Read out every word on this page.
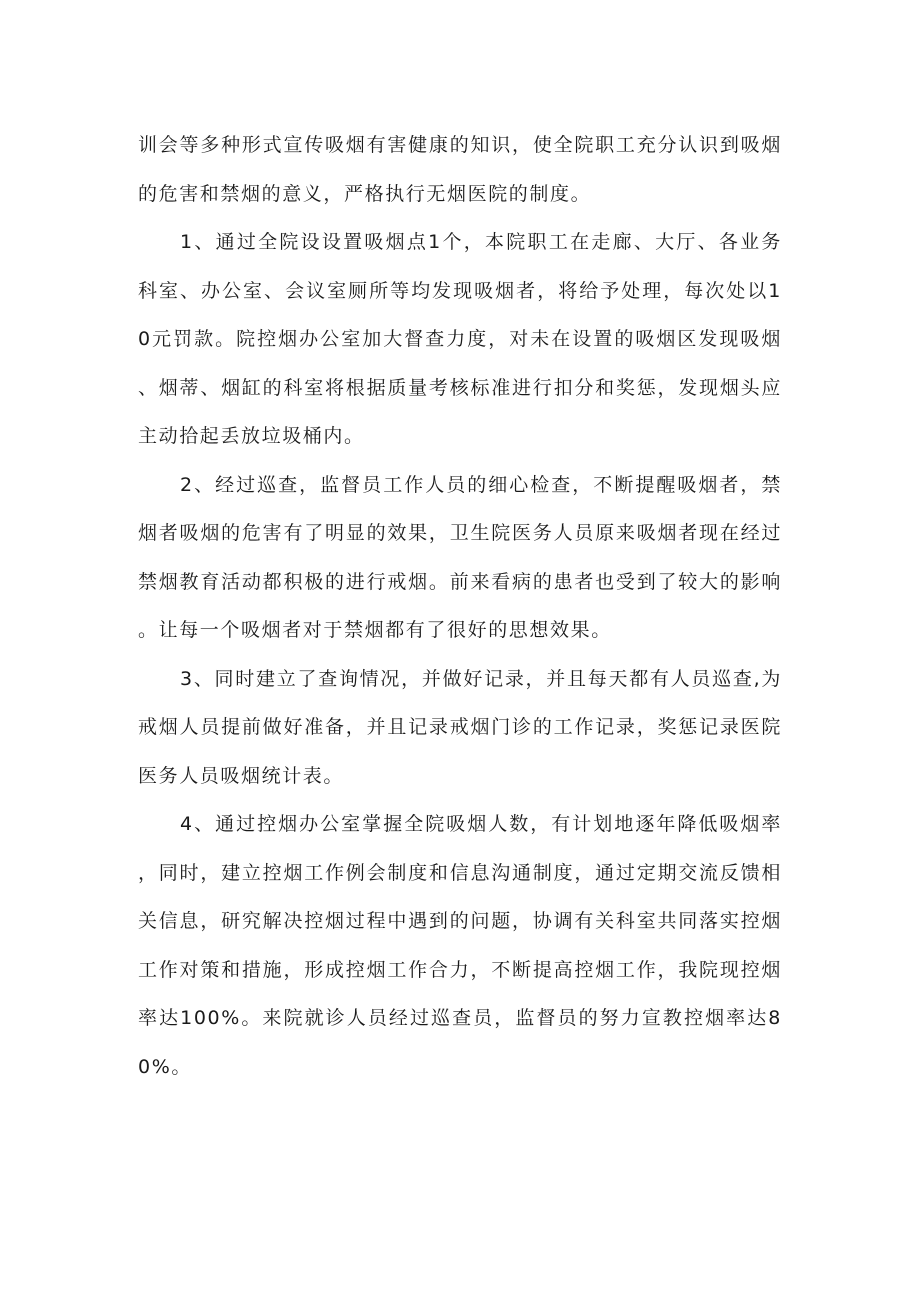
训会等多种形式宣传吸烟有害健康的知识，使全院职工充分认识到吸烟的危害和禁烟的意义，严格执行无烟医院的制度。

1、通过全院设设置吸烟点1个，本院职工在走廊、大厅、各业务科室、办公室、会议室厕所等均发现吸烟者，将给予处理，每次处以10元罚款。院控烟办公室加大督查力度，对未在设置的吸烟区发现吸烟、烟蒂、烟缸的科室将根据质量考核标准进行扣分和奖惩，发现烟头应主动拾起丢放垃圾桶内。

2、经过巡查，监督员工作人员的细心检查，不断提醒吸烟者，禁烟者吸烟的危害有了明显的效果，卫生院医务人员原来吸烟者现在经过禁烟教育活动都积极的进行戒烟。前来看病的患者也受到了较大的影响。让每一个吸烟者对于禁烟都有了很好的思想效果。

3、同时建立了查询情况，并做好记录，并且每天都有人员巡查,为戒烟人员提前做好准备，并且记录戒烟门诊的工作记录，奖惩记录医院医务人员吸烟统计表。

4、通过控烟办公室掌握全院吸烟人数，有计划地逐年降低吸烟率，同时，建立控烟工作例会制度和信息沟通制度，通过定期交流反馈相关信息，研究解决控烟过程中遇到的问题，协调有关科室共同落实控烟工作对策和措施，形成控烟工作合力，不断提高控烟工作，我院现控烟率达100%。来院就诊人员经过巡查员，监督员的努力宣教控烟率达80%。
